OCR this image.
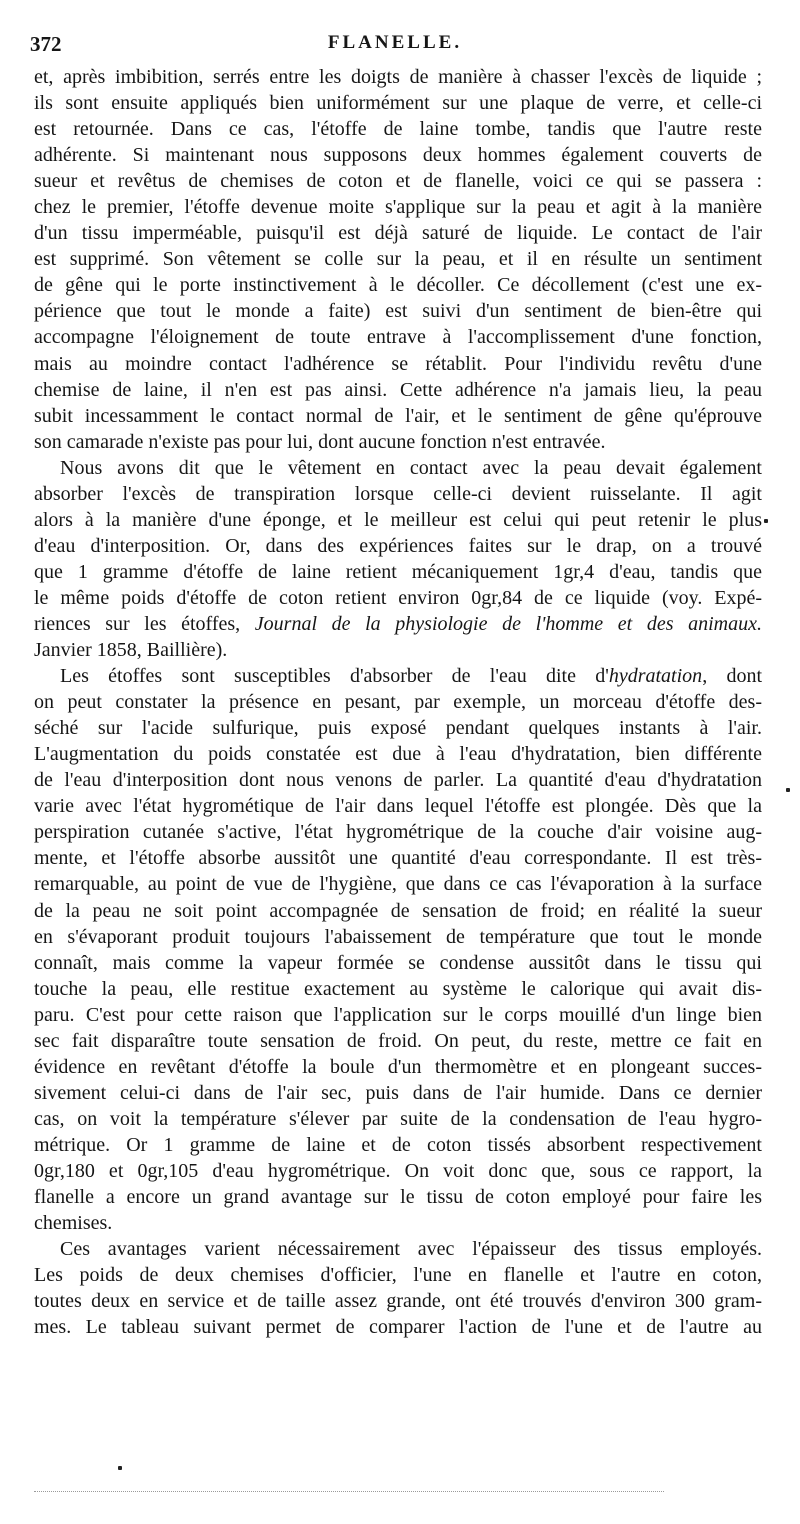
372	FLANELLE.
et, après imbibition, serrés entre les doigts de manière à chasser l'excès de liquide ;
ils sont ensuite appliqués bien uniformément sur une plaque de verre, et celle-ci
est retournée. Dans ce cas, l'étoffe de laine tombe, tandis que l'autre reste
adhérente. Si maintenant nous supposons deux hommes également couverts de
sueur et revêtus de chemises de coton et de flanelle, voici ce qui se passera :
chez le premier, l'étoffe devenue moite s'applique sur la peau et agit à la manière
d'un tissu imperméable, puisqu'il est déjà saturé de liquide. Le contact de l'air
est supprimé. Son vêtement se colle sur la peau, et il en résulte un sentiment
de gêne qui le porte instinctivement à le décoller. Ce décollement (c'est une ex-
périence que tout le monde a faite) est suivi d'un sentiment de bien-être qui
accompagne l'éloignement de toute entrave à l'accomplissement d'une fonction,
mais au moindre contact l'adhérence se rétablit. Pour l'individu revêtu d'une
chemise de laine, il n'en est pas ainsi. Cette adhérence n'a jamais lieu, la peau
subit incessamment le contact normal de l'air, et le sentiment de gêne qu'éprouve
son camarade n'existe pas pour lui, dont aucune fonction n'est entravée.
Nous avons dit que le vêtement en contact avec la peau devait également
absorber l'excès de transpiration lorsque celle-ci devient ruisselante. Il agit
alors à la manière d'une éponge, et le meilleur est celui qui peut retenir le plus
d'eau d'interposition. Or, dans des expériences faites sur le drap, on a trouvé
que 1 gramme d'étoffe de laine retient mécaniquement 1gr,4 d'eau, tandis que
le même poids d'étoffe de coton retient environ 0gr,84 de ce liquide (voy. Expé-
riences sur les étoffes, Journal de la physiologie de l'homme et des animaux.
Janvier 1858, Baillière).
Les étoffes sont susceptibles d'absorber de l'eau dite d'hydratation, dont
on peut constater la présence en pesant, par exemple, un morceau d'étoffe des-
séché sur l'acide sulfurique, puis exposé pendant quelques instants à l'air.
L'augmentation du poids constatée est due à l'eau d'hydratation, bien différente
de l'eau d'interposition dont nous venons de parler. La quantité d'eau d'hydratation
varie avec l'état hygrométique de l'air dans lequel l'étoffe est plongée. Dès que la
perspiration cutanée s'active, l'état hygrométrique de la couche d'air voisine aug-
mente, et l'étoffe absorbe aussitôt une quantité d'eau correspondante. Il est très-
remarquable, au point de vue de l'hygiène, que dans ce cas l'évaporation à la surface
de la peau ne soit point accompagnée de sensation de froid; en réalité la sueur
en s'évaporant produit toujours l'abaissement de température que tout le monde
connaît, mais comme la vapeur formée se condense aussitôt dans le tissu qui
touche la peau, elle restitue exactement au système le calorique qui avait dis-
paru. C'est pour cette raison que l'application sur le corps mouillé d'un linge bien
sec fait disparaître toute sensation de froid. On peut, du reste, mettre ce fait en
évidence en revêtant d'étoffe la boule d'un thermomètre et en plongeant succes-
sivement celui-ci dans de l'air sec, puis dans de l'air humide. Dans ce dernier
cas, on voit la température s'élever par suite de la condensation de l'eau hygro-
métrique. Or 1 gramme de laine et de coton tissés absorbent respectivement
0gr,180 et 0gr,105 d'eau hygrométrique. On voit donc que, sous ce rapport, la
flanelle a encore un grand avantage sur le tissu de coton employé pour faire les
chemises.
Ces avantages varient nécessairement avec l'épaisseur des tissus employés.
Les poids de deux chemises d'officier, l'une en flanelle et l'autre en coton,
toutes deux en service et de taille assez grande, ont été trouvés d'environ 300 gram-
mes. Le tableau suivant permet de comparer l'action de l'une et de l'autre au
